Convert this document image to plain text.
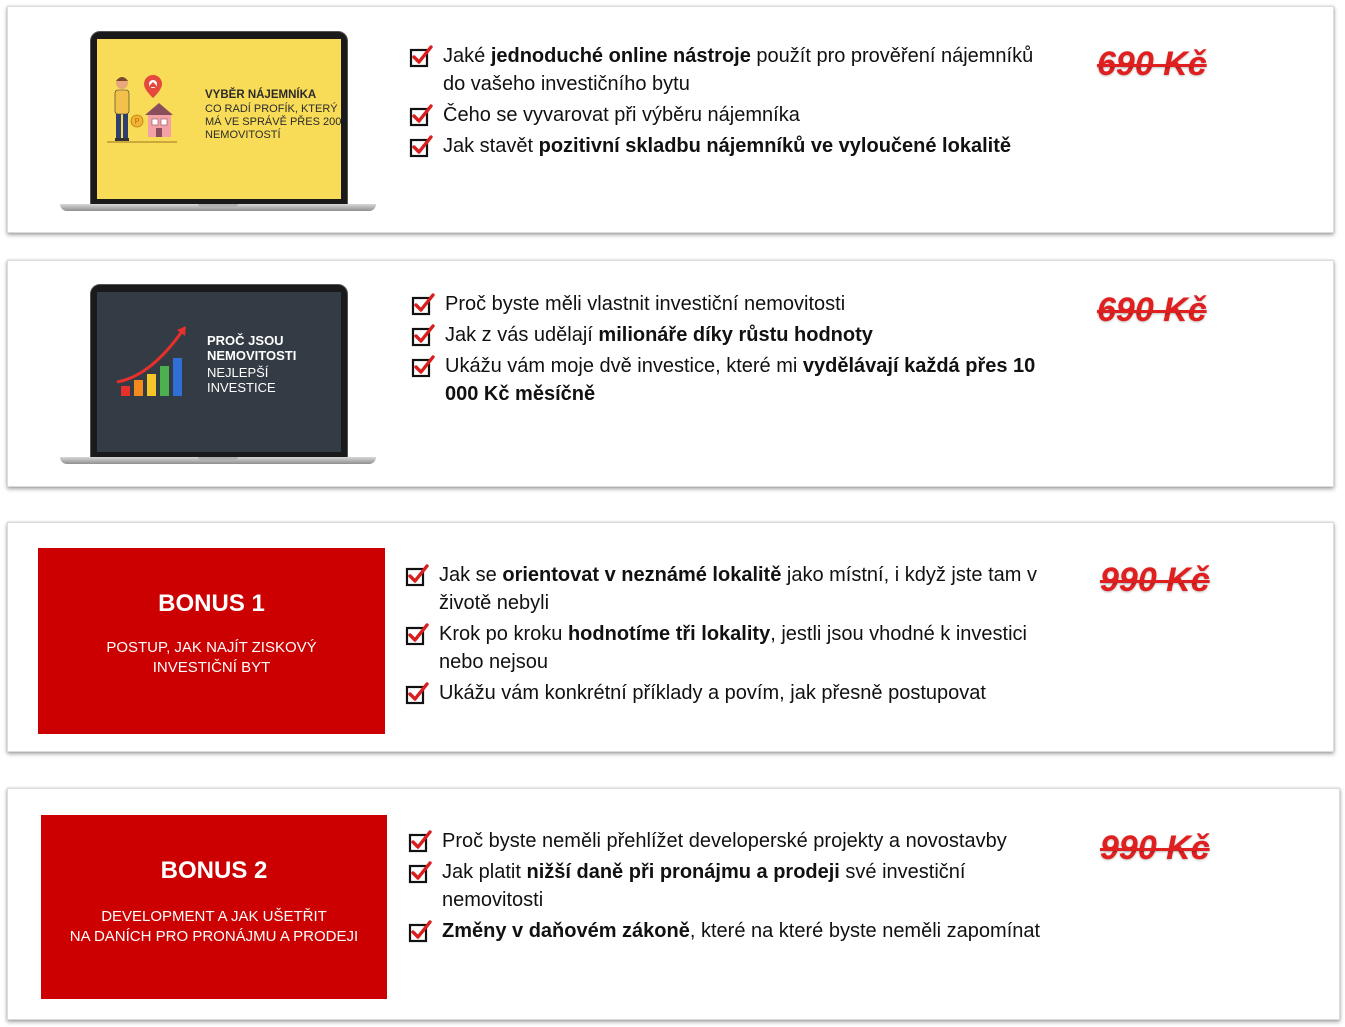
P
VYBĚR NÁJEMNÍKA
CO RADÍ PROFÍK, KTERÝ MÁ VE SPRÁVĚ PŘES 200 NEMOVITOSTÍ
Jaké jednoduché online nástroje použít pro prověření nájemníků do vašeho investičního bytu
Čeho se vyvarovat při výběru nájemníka
Jak stavět pozitivní skladbu nájemníků ve vyloučené lokalitě
690 Kč
PROČ JSOU NEMOVITOSTI
NEJLEPŠÍ INVESTICE
Proč byste měli vlastnit investiční nemovitosti
Jak z vás udělají milionáře díky růstu hodnoty
Ukážu vám moje dvě investice, které mi vydělávají každá přes 10 000 Kč měsíčně
690 Kč
BONUS 1
POSTUP, JAK NAJÍT ZISKOVÝ INVESTIČNÍ BYT
Jak se orientovat v neznámé lokalitě jako místní, i když jste tam v životě nebyli
Krok po kroku hodnotíme tři lokality, jestli jsou vhodné k investici nebo nejsou
Ukážu vám konkrétní příklady a povím, jak přesně postupovat
990 Kč
BONUS 2
DEVELOPMENT A JAK UŠETŘIT
NA DANÍCH PRO PRONÁJMU A PRODEJI
Proč byste neměli přehlížet developerské projekty a novostavby
Jak platit nižší daně při pronájmu a prodeji své investiční nemovitosti
Změny v daňovém zákoně, které na které byste neměli zapomínat
990 Kč
